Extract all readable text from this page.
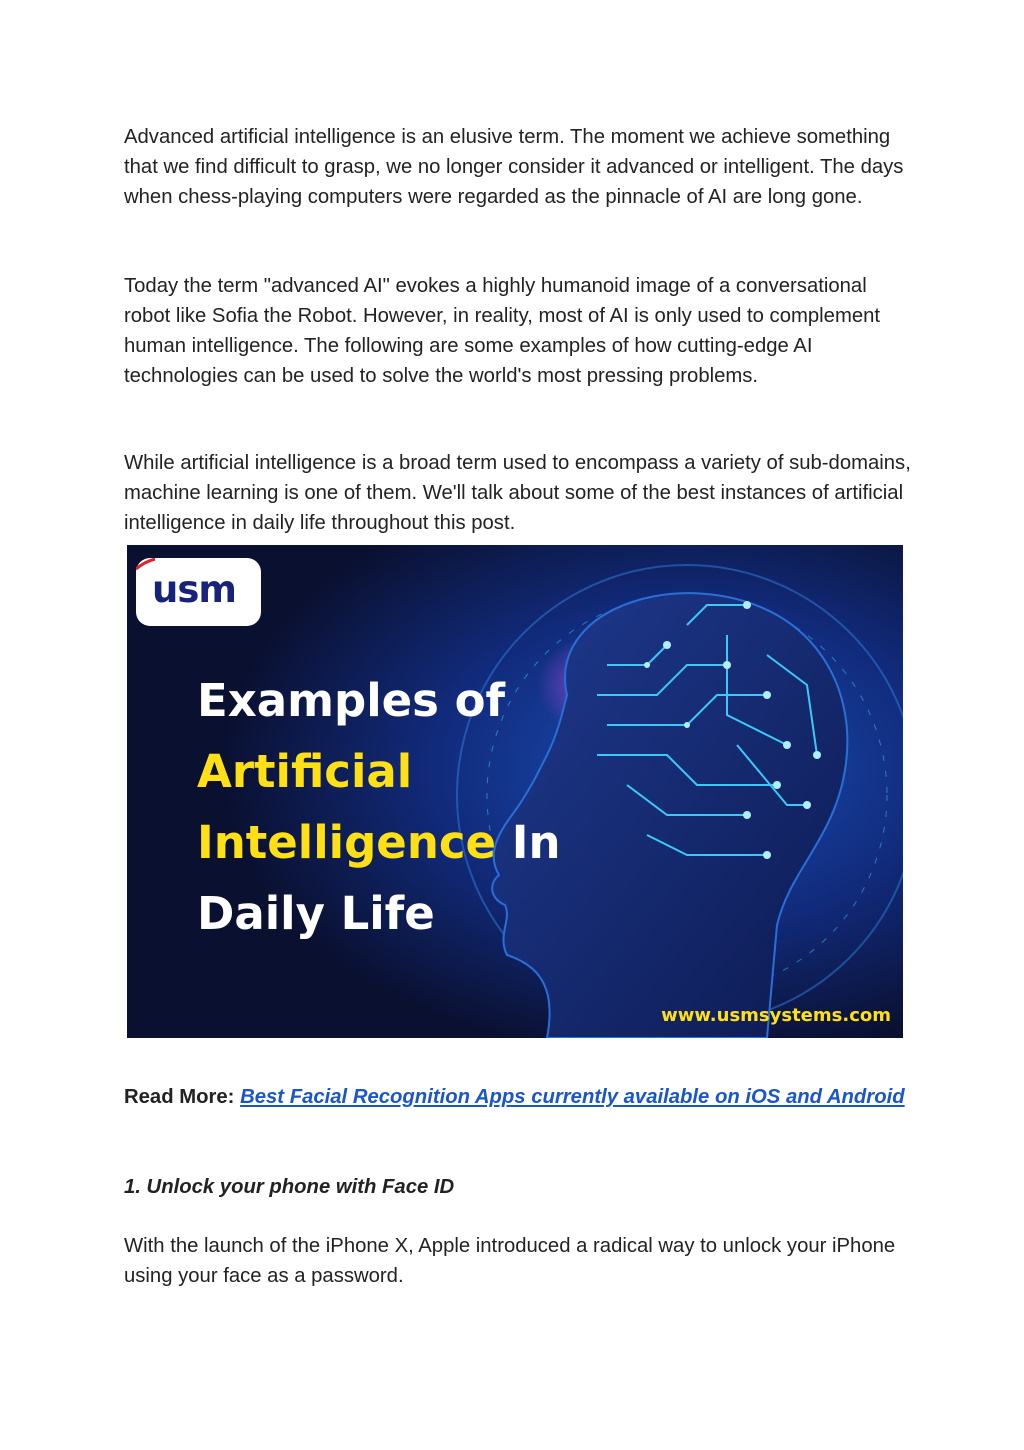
Advanced artificial intelligence is an elusive term. The moment we achieve something that we find difficult to grasp, we no longer consider it advanced or intelligent. The days when chess-playing computers were regarded as the pinnacle of AI are long gone.

Today the term "advanced AI" evokes a highly humanoid image of a conversational robot like Sofia the Robot. However, in reality, most of AI is only used to complement human intelligence. The following are some examples of how cutting-edge AI technologies can be used to solve the world's most pressing problems.

While artificial intelligence is a broad term used to encompass a variety of sub-domains, machine learning is one of them. We'll talk about some of the best instances of artificial intelligence in daily life throughout this post.

usm
Examples of
Artificial
Intelligence In
Daily Life
www.usmsystems.com

Read More: Best Facial Recognition Apps currently available on iOS and Android

1. Unlock your phone with Face ID

With the launch of the iPhone X, Apple introduced a radical way to unlock your iPhone using your face as a password.
